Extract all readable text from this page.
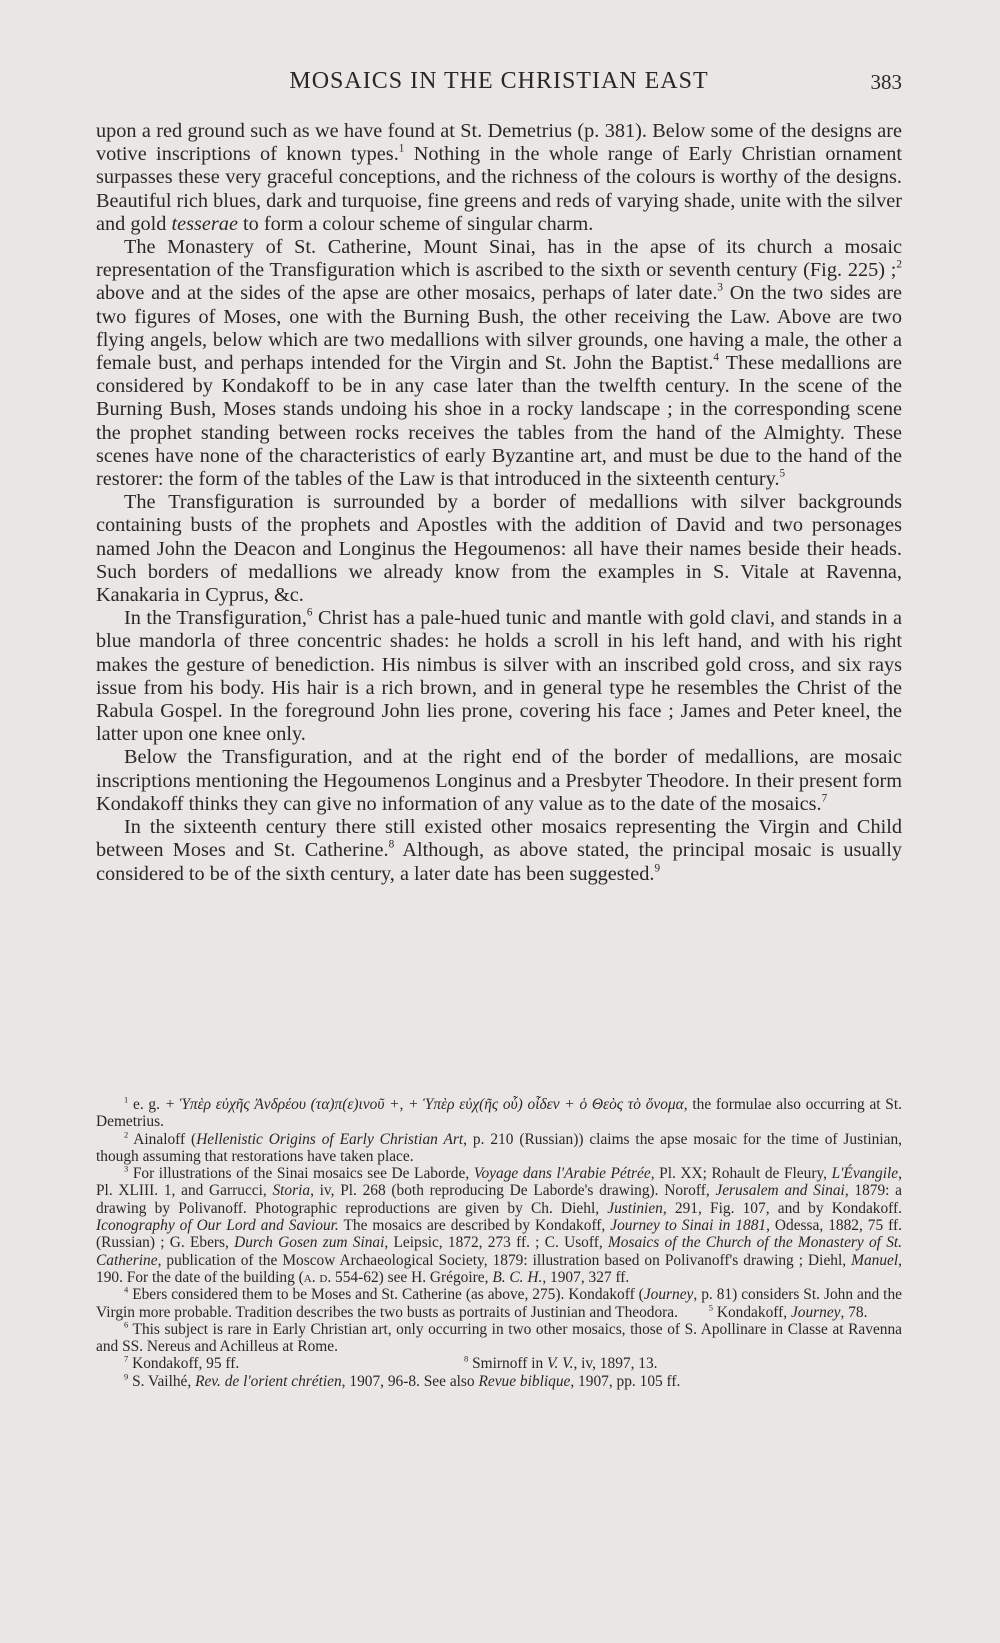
MOSAICS IN THE CHRISTIAN EAST	383

upon a red ground such as we have found at St. Demetrius (p. 381). Below some of the designs are votive inscriptions of known types.$^1$ Nothing in the whole range of Early Christian ornament surpasses these very graceful conceptions, and the richness of the colours is worthy of the designs. Beautiful rich blues, dark and turquoise, fine greens and reds of varying shade, unite with the silver and gold tesserae to form a colour scheme of singular charm.

The Monastery of St. Catherine, Mount Sinai, has in the apse of its church a mosaic representation of the Transfiguration which is ascribed to the sixth or seventh century (Fig. 225) ;$^2$ above and at the sides of the apse are other mosaics, perhaps of later date.$^3$ On the two sides are two figures of Moses, one with the Burning Bush, the other receiving the Law. Above are two flying angels, below which are two medallions with silver grounds, one having a male, the other a female bust, and perhaps intended for the Virgin and St. John the Baptist.$^4$ These medallions are considered by Kondakoff to be in any case later than the twelfth century. In the scene of the Burning Bush, Moses stands undoing his shoe in a rocky landscape ; in the corresponding scene the prophet standing between rocks receives the tables from the hand of the Almighty. These scenes have none of the characteristics of early Byzantine art, and must be due to the hand of the restorer: the form of the tables of the Law is that introduced in the sixteenth century.$^5$

The Transfiguration is surrounded by a border of medallions with silver backgrounds containing busts of the prophets and Apostles with the addition of David and two personages named John the Deacon and Longinus the Hegoumenos: all have their names beside their heads. Such borders of medallions we already know from the examples in S. Vitale at Ravenna, Kanakaria in Cyprus, &c.

In the Transfiguration,$^6$ Christ has a pale-hued tunic and mantle with gold clavi, and stands in a blue mandorla of three concentric shades: he holds a scroll in his left hand, and with his right makes the gesture of benediction. His nimbus is silver with an inscribed gold cross, and six rays issue from his body. His hair is a rich brown, and in general type he resembles the Christ of the Rabula Gospel. In the foreground John lies prone, covering his face ; James and Peter kneel, the latter upon one knee only.

Below the Transfiguration, and at the right end of the border of medallions, are mosaic inscriptions mentioning the Hegoumenos Longinus and a Presbyter Theodore. In their present form Kondakoff thinks they can give no information of any value as to the date of the mosaics.$^7$

In the sixteenth century there still existed other mosaics representing the Virgin and Child between Moses and St. Catherine.$^8$ Although, as above stated, the principal mosaic is usually considered to be of the sixth century, a later date has been suggested.$^9$

$^1$ e. g. + Ὑπὲρ εὐχῆς Ἀνδρέου (τα)π(ε)ινοῦ +, + Ὑπὲρ εὐχ(ῆς οὗ) οἶδεν + ὁ Θεὸς τὸ ὄνομα, the formulae also occurring at St. Demetrius.

$^2$ Ainaloff (Hellenistic Origins of Early Christian Art, p. 210 (Russian)) claims the apse mosaic for the time of Justinian, though assuming that restorations have taken place.

$^3$ For illustrations of the Sinai mosaics see De Laborde, Voyage dans l'Arabie Pétrée, Pl. XX; Rohault de Fleury, L'Évangile, Pl. XLIII. 1, and Garrucci, Storia, iv, Pl. 268 (both reproducing De Laborde's drawing). Noroff, Jerusalem and Sinai, 1879: a drawing by Polivanoff. Photographic reproductions are given by Ch. Diehl, Justinien, 291, Fig. 107, and by Kondakoff. Iconography of Our Lord and Saviour. The mosaics are described by Kondakoff, Journey to Sinai in 1881, Odessa, 1882, 75 ff. (Russian) ; G. Ebers, Durch Gosen zum Sinai, Leipsic, 1872, 273 ff. ; C. Usoff, Mosaics of the Church of the Monastery of St. Catherine, publication of the Moscow Archaeological Society, 1879: illustration based on Polivanoff's drawing ; Diehl, Manuel, 190. For the date of the building (a. d. 554-62) see H. Grégoire, B. C. H., 1907, 327 ff.

$^4$ Ebers considered them to be Moses and St. Catherine (as above, 275). Kondakoff (Journey, p. 81) considers St. John and the Virgin more probable. Tradition describes the two busts as portraits of Justinian and Theodora.	$^5$ Kondakoff, Journey, 78.

$^6$ This subject is rare in Early Christian art, only occurring in two other mosaics, those of S. Apollinare in Classe at Ravenna and SS. Nereus and Achilleus at Rome.

$^7$ Kondakoff, 95 ff.	$^8$ Smirnoff in V. V., iv, 1897, 13.

$^9$ S. Vailhé, Rev. de l'orient chrétien, 1907, 96-8. See also Revue biblique, 1907, pp. 105 ff.
